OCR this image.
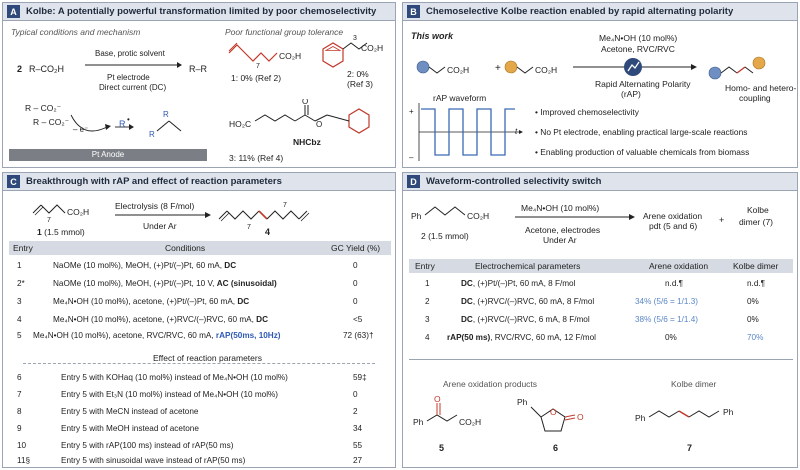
A Kolbe: A potentially powerful transformation limited by poor chemoselectivity
Typical conditions and mechanism	Poor functional group tolerance
2 R–CO₂H
Base, protic solvent
Pt electrode
Direct current (DC)
R–R
R – CO₂⁻
R – CO₂⁻
– e⁻
R •
R
R
Pt Anode
7
CO₂H
1: 0% (Ref 2)
3
CO₂H
2: 0%
(Ref 3)
HO₂C
O
O
NHCbz
3: 11% (Ref 4)
B Chemoselective Kolbe reaction enabled by rapid alternating polarity
This work
CO₂H	+	CO₂H
Me₄N•OH (10 mol%)
Acetone, RVC/RVC
Rapid Alternating Polarity
(rAP)
Homo- and hetero-
coupling
rAP waveform
+
–
t
• Improved chemoselectivity
• No Pt electrode, enabling practical large-scale reactions
• Enabling production of valuable chemicals from biomass
C Breakthrough with rAP and effect of reaction parameters
7
CO₂H
1 (1.5 mmol)
Electrolysis (8 F/mol)
Under Ar	7
7
4
Entry	Conditions	GC Yield (%)
1	NaOMe (10 mol%), MeOH, (+)Pt/(–)Pt, 60 mA, DC	0
2*	NaOMe (10 mol%), MeOH, (+)Pt/(–)Pt, 10 V, AC (sinusoidal)	0
3	Me₄N•OH (10 mol%), acetone, (+)Pt/(–)Pt, 60 mA, DC	0
4	Me₄N•OH (10 mol%), acetone, (+)RVC/(–)RVC, 60 mA, DC	<5
5 Me₄N•OH (10 mol%), acetone, RVC/RVC, 60 mA, rAP(50ms, 10Hz)	72 (63)†
Effect of reaction parameters
6	Entry 5 with KOHaq (10 mol%) instead of Me₄N•OH (10 mol%)	59‡
7	Entry 5 with Et₃N (10 mol%) instead of Me₄N•OH (10 mol%)	0
8	Entry 5 with MeCN instead of acetone	2
9	Entry 5 with MeOH instead of acetone	34
10	Entry 5 with rAP(100 ms) instead of rAP(50 ms)	55
11§	Entry 5 with sinusoidal wave instead of rAP(50 ms)	27
D Waveform-controlled selectivity switch
Ph	CO₂H
2 (1.5 mmol)
Me₄N•OH (10 mol%)
Acetone, electrodes
Under Ar
Arene oxidation
pdt (5 and 6)
+
Kolbe
dimer (7)
Entry	Electrochemical parameters	Arene oxidation	Kolbe dimer
1	DC, (+)Pt/(–)Pt, 60 mA, 8 F/mol	n.d.¶	n.d.¶
2	DC, (+)RVC/(–)RVC, 60 mA, 8 F/mol	34% (5/6 = 1/1.3)	0%
3	DC, (+)RVC/(–)RVC, 6 mA, 8 F/mol	38% (5/6 = 1/1.4)	0%
4 rAP(50 ms), RVC/RVC, 60 mA, 12 F/mol	0%	70%
Arene oxidation products	Kolbe dimer
Ph
O
CO₂H
5
Ph
O O
6
Ph
Ph
7
